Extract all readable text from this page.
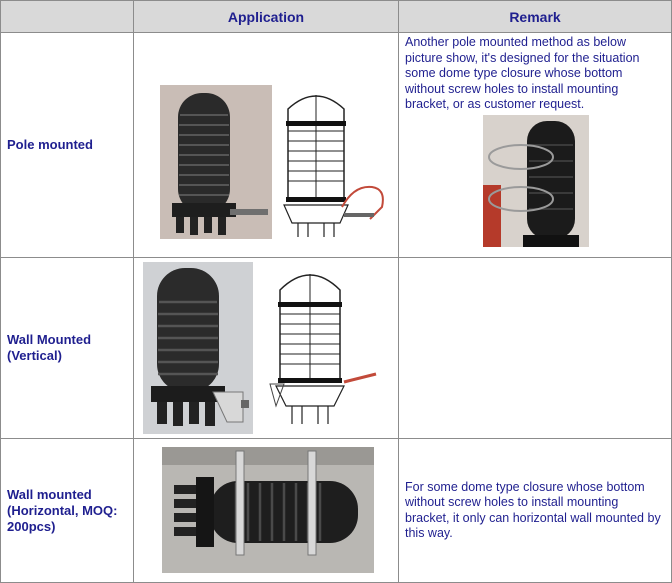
	Application	Remark
Pole mounted		Another pole mounted method as below picture show, it's designed for the situation some dome type closure whose bottom without screw holes to install mounting bracket, or as customer request.

Wall Mounted (Vertical)	

Wall mounted (Horizontal, MOQ: 200pcs)		For some dome type closure whose bottom without screw holes to install mounting bracket, it only can horizontal wall mounted by this way.
